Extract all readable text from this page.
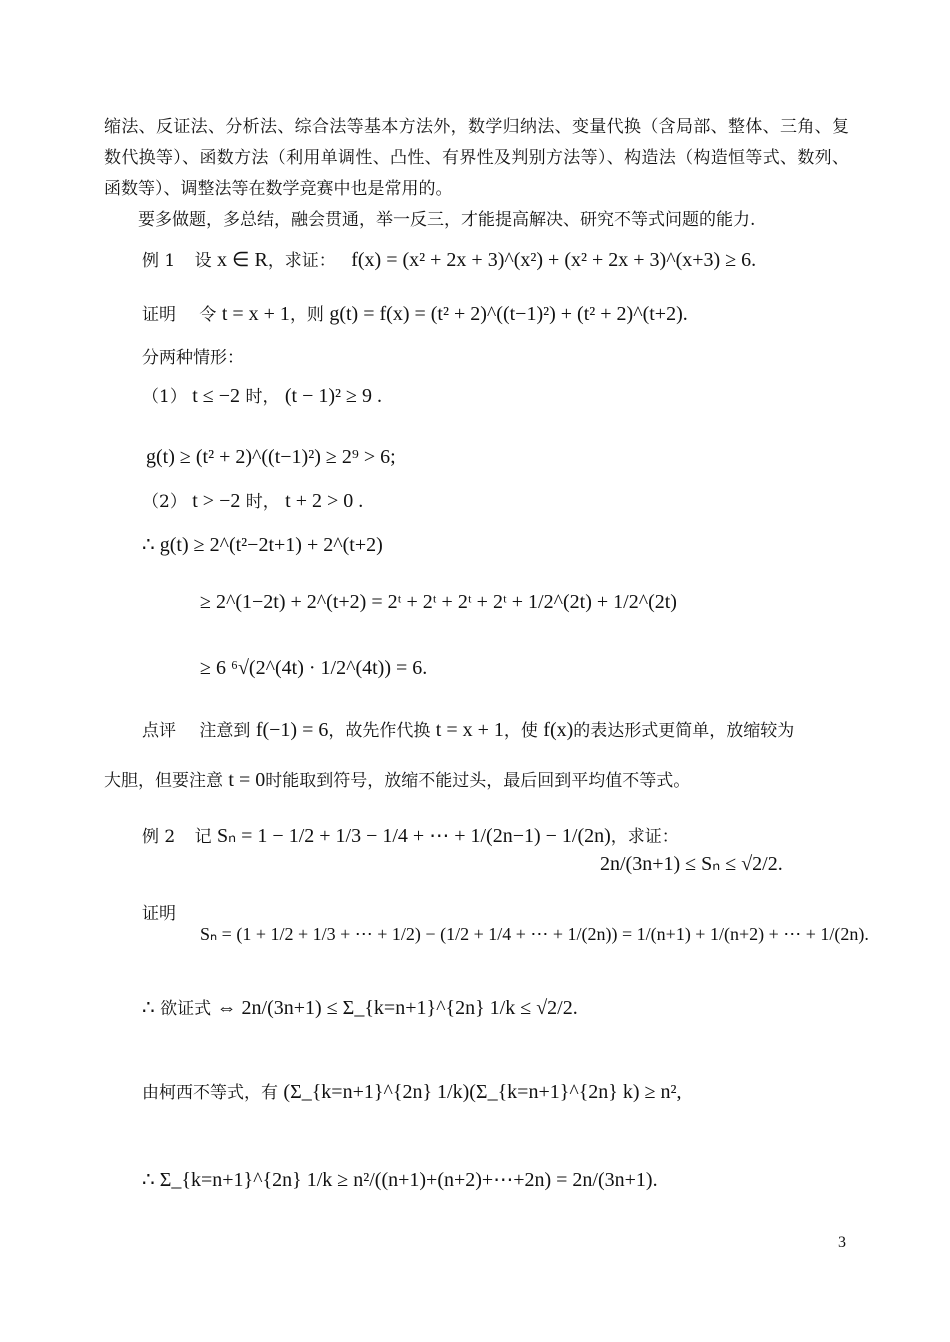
缩法、反证法、分析法、综合法等基本方法外，数学归纳法、变量代换（含局部、整体、三角、复数代换等）、函数方法（利用单调性、凸性、有界性及判别方法等）、构造法（构造恒等式、数列、函数等）、调整法等在数学竞赛中也是常用的。
要多做题，多总结，融会贯通，举一反三，才能提高解决、研究不等式问题的能力.
例 1 设 x ∈ R，求证： f(x) = (x² + 2x + 3)^(x²) + (x² + 2x + 3)^(x+3) ≥ 6.
证明 令 t = x + 1，则 g(t) = f(x) = (t² + 2)^((t−1)²) + (t² + 2)^(t+2).
分两种情形：
（1） t ≤ −2 时， (t − 1)² ≥ 9 .
g(t) ≥ (t² + 2)^((t−1)²) ≥ 2⁹ > 6;
（2） t > −2 时， t + 2 > 0 .
∴ g(t) ≥ 2^(t²−2t+1) + 2^(t+2)
≥ 2^(1−2t) + 2^(t+2) = 2ᵗ + 2ᵗ + 2ᵗ + 2ᵗ + 1/2^(2t) + 1/2^(2t)
≥ 6 ⁶√(2^(4t) · 1/2^(4t)) = 6.
点评 注意到 f(−1) = 6，故先作代换 t = x + 1，使 f(x)的表达形式更简单，放缩较为
大胆，但要注意 t = 0时能取到符号，放缩不能过头，最后回到平均值不等式。
例 2 记 Sₙ = 1 − 1/2 + 1/3 − 1/4 + ⋯ + 1/(2n−1) − 1/(2n)，求证：
2n/(3n+1) ≤ Sₙ ≤ √2/2.
证明
Sₙ = (1 + 1/2 + 1/3 + ⋯ + 1/2) − (1/2 + 1/4 + ⋯ + 1/(2n)) = 1/(n+1) + 1/(n+2) + ⋯ + 1/(2n).
∴ 欲证式 ⇔ 2n/(3n+1) ≤ Σ_{k=n+1}^{2n} 1/k ≤ √2/2.
由柯西不等式，有 (Σ_{k=n+1}^{2n} 1/k)(Σ_{k=n+1}^{2n} k) ≥ n²,
∴ Σ_{k=n+1}^{2n} 1/k ≥ n²/((n+1)+(n+2)+⋯+2n) = 2n/(3n+1).
3
